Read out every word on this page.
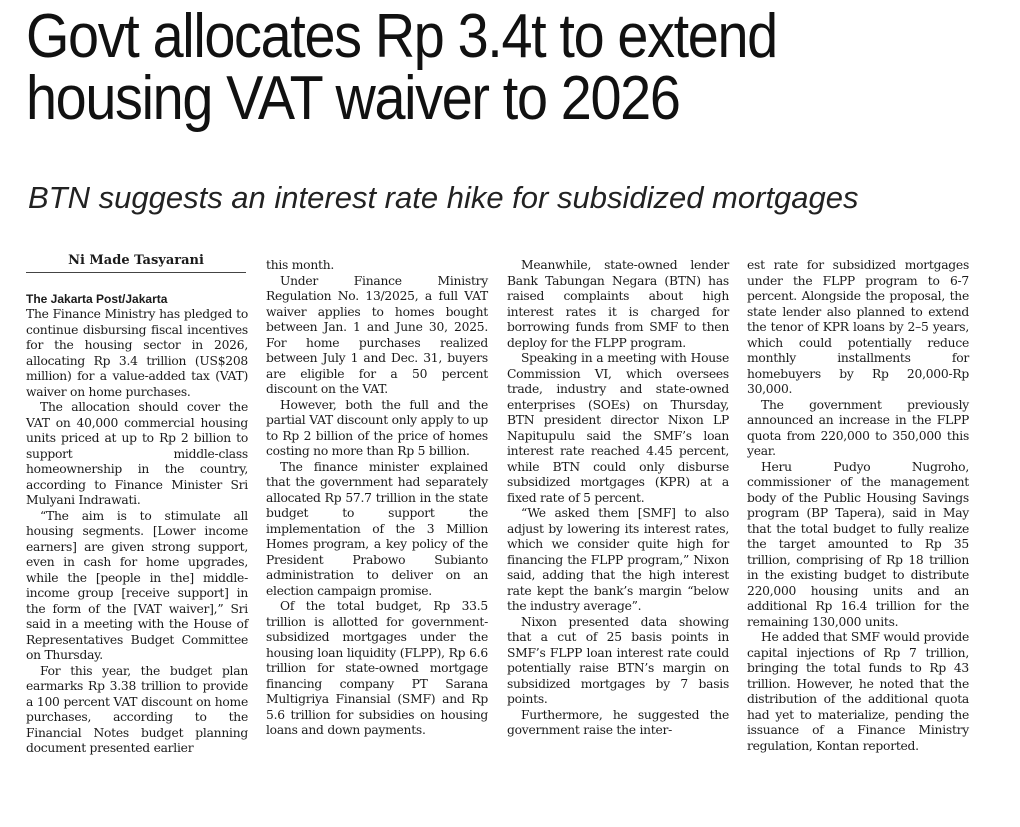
Govt allocates Rp 3.4t to extend
housing VAT waiver to 2026
BTN suggests an interest rate hike for subsidized mortgages
Ni Made Tasyarani
The Jakarta Post/Jakarta

The Finance Ministry has pledged to continue disbursing fiscal incentives for the housing sector in 2026, allocating Rp 3.4 trillion (US$208 million) for a value-added tax (VAT) waiver on home purchases.

The allocation should cover the VAT on 40,000 commercial housing units priced at up to Rp 2 billion to support middle-class homeownership in the country, according to Finance Minister Sri Mulyani Indrawati.

“The aim is to stimulate all housing segments. [Lower income earners] are given strong support, even in cash for home upgrades, while the [people in the] middle-income group [receive support] in the form of the [VAT waiver],” Sri said in a meeting with the House of Representatives Budget Committee on Thursday.

For this year, the budget plan earmarks Rp 3.38 trillion to provide a 100 percent VAT discount on home purchases, according to the Financial Notes budget planning document presented earlier

this month.

Under Finance Ministry Regulation No. 13/2025, a full VAT waiver applies to homes bought between Jan. 1 and June 30, 2025. For home purchases realized between July 1 and Dec. 31, buyers are eligible for a 50 percent discount on the VAT.

However, both the full and the partial VAT discount only apply to up to Rp 2 billion of the price of homes costing no more than Rp 5 billion.

The finance minister explained that the government had separately allocated Rp 57.7 trillion in the state budget to support the implementation of the 3 Million Homes program, a key policy of the President Prabowo Subianto administration to deliver on an election campaign promise.

Of the total budget, Rp 33.5 trillion is allotted for government-subsidized mortgages under the housing loan liquidity (FLPP), Rp 6.6 trillion for state-owned mortgage financing company PT Sarana Multigriya Finansial (SMF) and Rp 5.6 trillion for subsidies on housing loans and down payments.

Meanwhile, state-owned lender Bank Tabungan Negara (BTN) has raised complaints about high interest rates it is charged for borrowing funds from SMF to then deploy for the FLPP program.

Speaking in a meeting with House Commission VI, which oversees trade, industry and state-owned enterprises (SOEs) on Thursday, BTN president director Nixon LP Napitupulu said the SMF’s loan interest rate reached 4.45 percent, while BTN could only disburse subsidized mortgages (KPR) at a fixed rate of 5 percent.

“We asked them [SMF] to also adjust by lowering its interest rates, which we consider quite high for financing the FLPP program,” Nixon said, adding that the high interest rate kept the bank’s margin “below the industry average”.

Nixon presented data showing that a cut of 25 basis points in SMF’s FLPP loan interest rate could potentially raise BTN’s margin on subsidized mortgages by 7 basis points.

Furthermore, he suggested the government raise the inter-

est rate for subsidized mortgages under the FLPP program to 6-7 percent. Alongside the proposal, the state lender also planned to extend the tenor of KPR loans by 2–5 years, which could potentially reduce monthly installments for homebuyers by Rp 20,000-Rp 30,000.

The government previously announced an increase in the FLPP quota from 220,000 to 350,000 this year.

Heru Pudyo Nugroho, commissioner of the management body of the Public Housing Savings program (BP Tapera), said in May that the total budget to fully realize the target amounted to Rp 35 trillion, comprising of Rp 18 trillion in the existing budget to distribute 220,000 housing units and an additional Rp 16.4 trillion for the remaining 130,000 units.

He added that SMF would provide capital injections of Rp 7 trillion, bringing the total funds to Rp 43 trillion. However, he noted that the distribution of the additional quota had yet to materialize, pending the issuance of a Finance Ministry regulation, Kontan reported.
